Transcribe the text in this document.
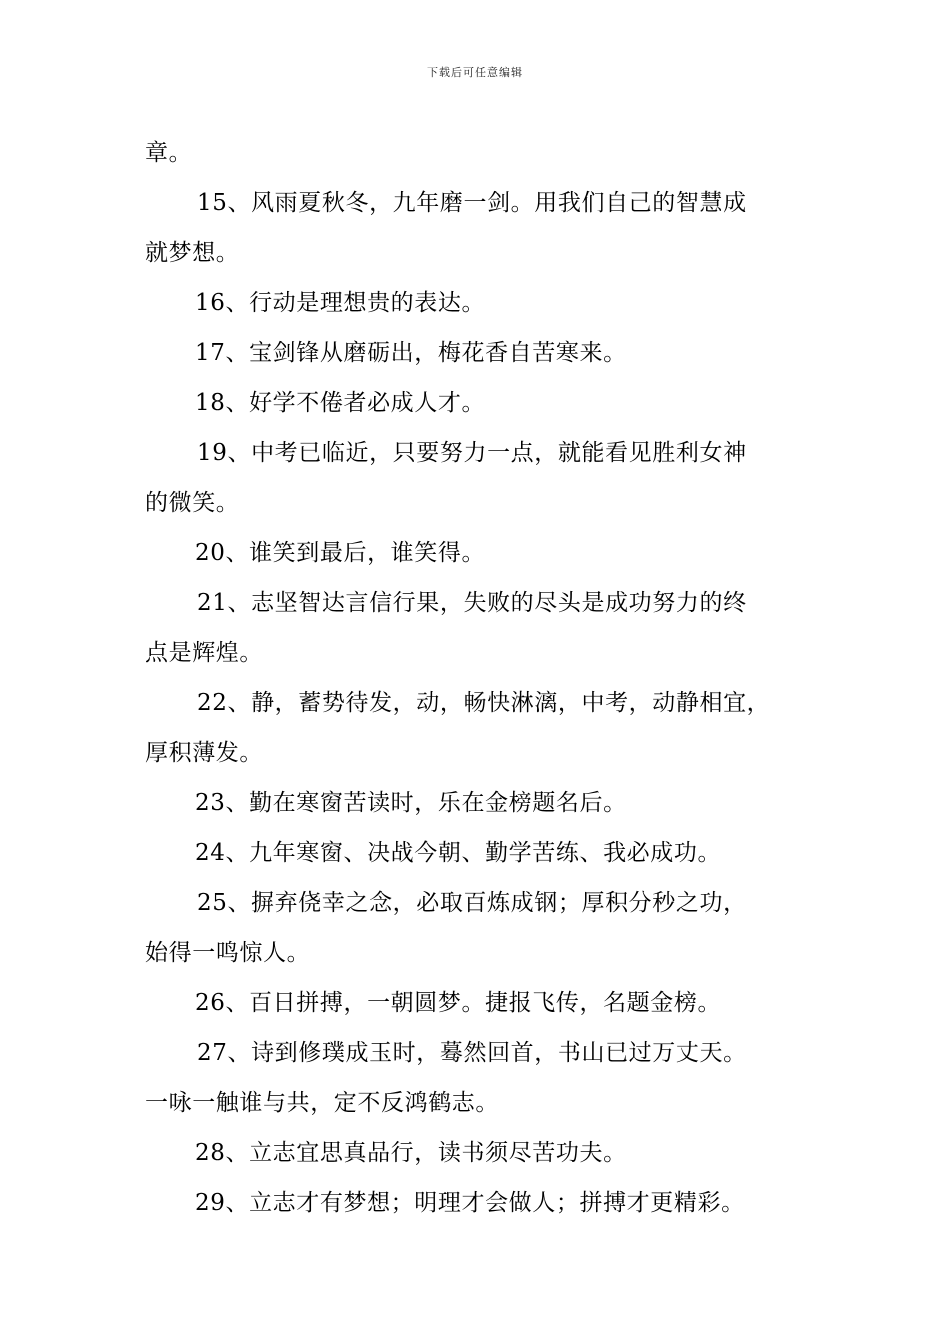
下载后可任意编辑
章。
15、风雨夏秋冬，九年磨一剑。用我们自己的智慧成
就梦想。
16、行动是理想贵的表达。
17、宝剑锋从磨砺出，梅花香自苦寒来。
18、好学不倦者必成人才。
19、中考已临近，只要努力一点，就能看见胜利女神
的微笑。
20、谁笑到最后，谁笑得。
21、志坚智达言信行果，失败的尽头是成功努力的终
点是辉煌。
22、静，蓄势待发，动，畅快淋漓，中考，动静相宜，
厚积薄发。
23、勤在寒窗苦读时，乐在金榜题名后。
24、九年寒窗、决战今朝、勤学苦练、我必成功。
25、摒弃侥幸之念，必取百炼成钢；厚积分秒之功，
始得一鸣惊人。
26、百日拼搏，一朝圆梦。捷报飞传，名题金榜。
27、诗到修璞成玉时，蓦然回首，书山已过万丈天。
一咏一触谁与共，定不反鸿鹤志。
28、立志宜思真品行，读书须尽苦功夫。
29、立志才有梦想；明理才会做人；拼搏才更精彩。
